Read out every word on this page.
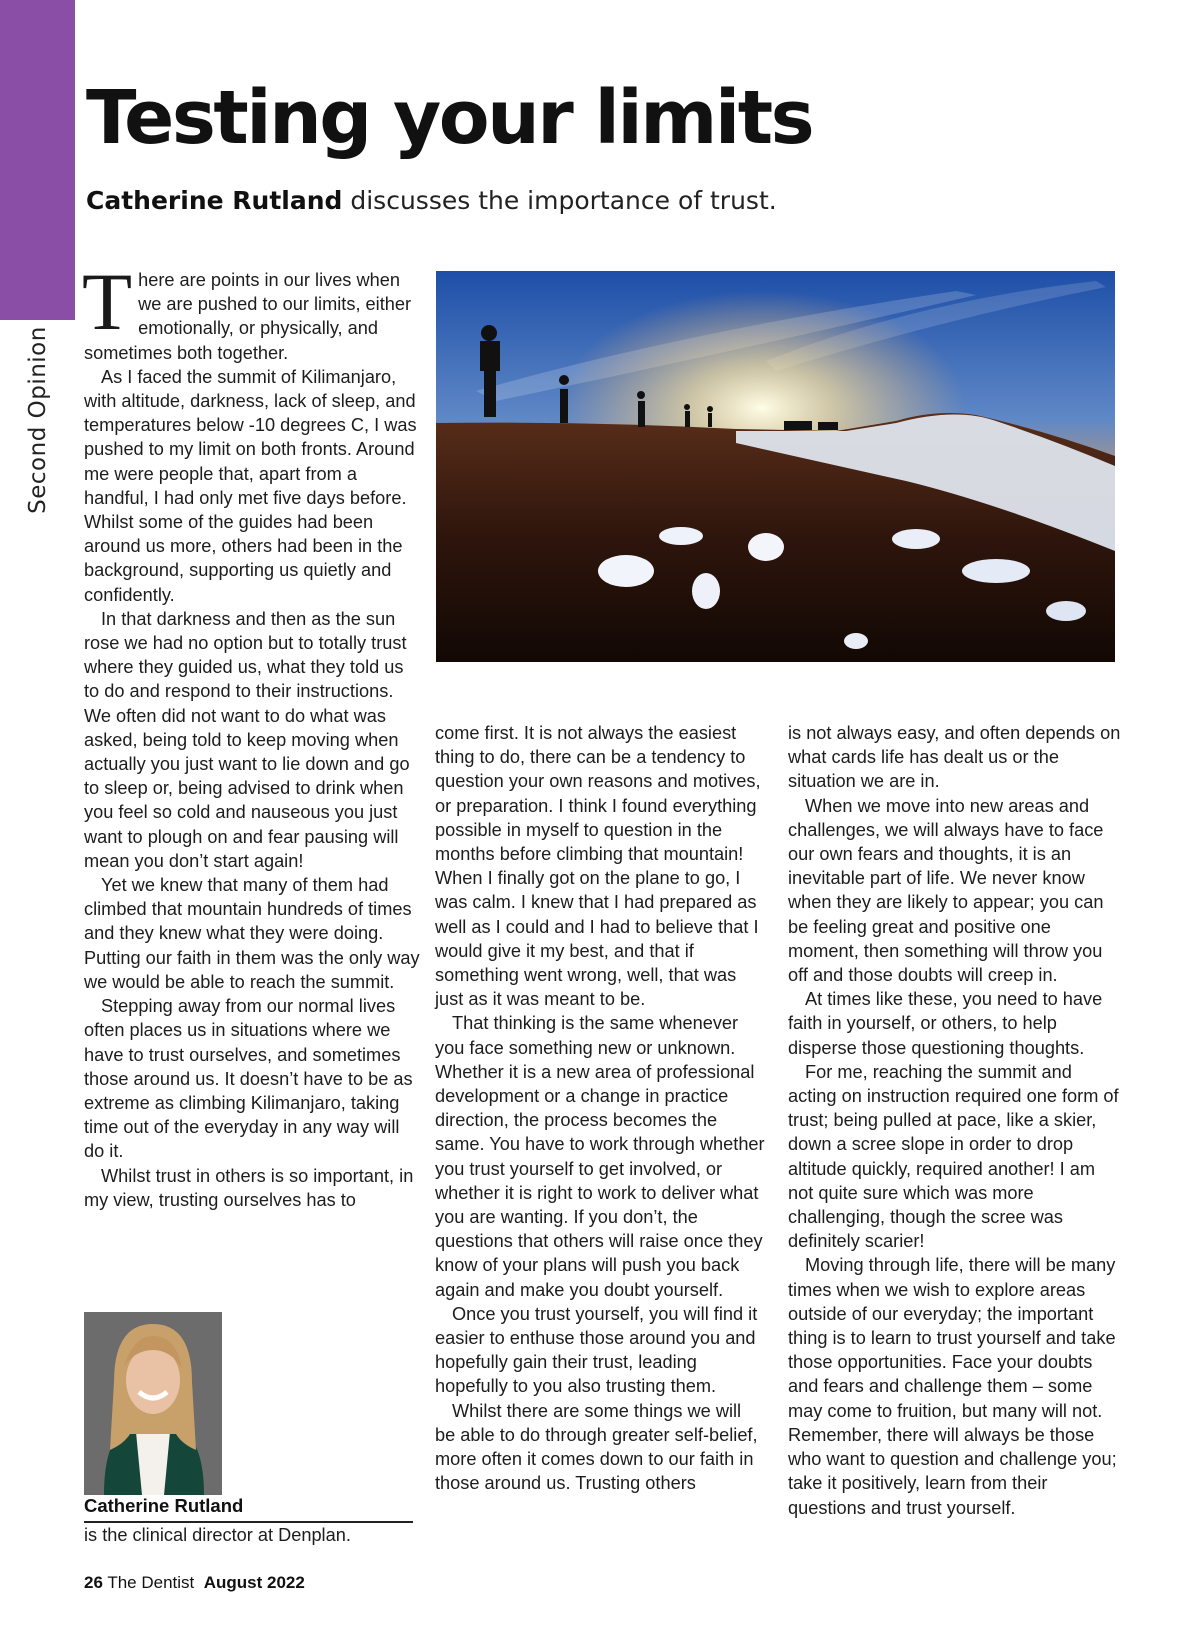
Second Opinion
Testing your limits
Catherine Rutland discusses the importance of trust.

There are points in our lives when we are pushed to our limits, either emotionally, or physically, and sometimes both together.

As I faced the summit of Kilimanjaro, with altitude, darkness, lack of sleep, and temperatures below -10 degrees C, I was pushed to my limit on both fronts. Around me were people that, apart from a handful, I had only met five days before. Whilst some of the guides had been around us more, others had been in the background, supporting us quietly and confidently.

In that darkness and then as the sun rose we had no option but to totally trust where they guided us, what they told us to do and respond to their instructions. We often did not want to do what was asked, being told to keep moving when actually you just want to lie down and go to sleep or, being advised to drink when you feel so cold and nauseous you just want to plough on and fear pausing will mean you don’t start again!

Yet we knew that many of them had climbed that mountain hundreds of times and they knew what they were doing. Putting our faith in them was the only way we would be able to reach the summit.

Stepping away from our normal lives often places us in situations where we have to trust ourselves, and sometimes those around us. It doesn’t have to be as extreme as climbing Kilimanjaro, taking time out of the everyday in any way will do it.

Whilst trust in others is so important, in my view, trusting ourselves has to

come first. It is not always the easiest thing to do, there can be a tendency to question your own reasons and motives, or preparation. I think I found everything possible in myself to question in the months before climbing that mountain! When I finally got on the plane to go, I was calm. I knew that I had prepared as well as I could and I had to believe that I would give it my best, and that if something went wrong, well, that was just as it was meant to be.

That thinking is the same whenever you face something new or unknown. Whether it is a new area of professional development or a change in practice direction, the process becomes the same. You have to work through whether you trust yourself to get involved, or whether it is right to work to deliver what you are wanting. If you don’t, the questions that others will raise once they know of your plans will push you back again and make you doubt yourself.

Once you trust yourself, you will find it easier to enthuse those around you and hopefully gain their trust, leading hopefully to you also trusting them.

Whilst there are some things we will be able to do through greater self-belief, more often it comes down to our faith in those around us. Trusting others

is not always easy, and often depends on what cards life has dealt us or the situation we are in.

When we move into new areas and challenges, we will always have to face our own fears and thoughts, it is an inevitable part of life. We never know when they are likely to appear; you can be feeling great and positive one moment, then something will throw you off and those doubts will creep in.

At times like these, you need to have faith in yourself, or others, to help disperse those questioning thoughts.

For me, reaching the summit and acting on instruction required one form of trust; being pulled at pace, like a skier, down a scree slope in order to drop altitude quickly, required another! I am not quite sure which was more challenging, though the scree was definitely scarier!

Moving through life, there will be many times when we wish to explore areas outside of our everyday; the important thing is to learn to trust yourself and take those opportunities. Face your doubts and fears and challenge them – some may come to fruition, but many will not. Remember, there will always be those who want to question and challenge you; take it positively, learn from their questions and trust yourself.

Catherine Rutland
is the clinical director at Denplan.
26 The Dentist August 2022
